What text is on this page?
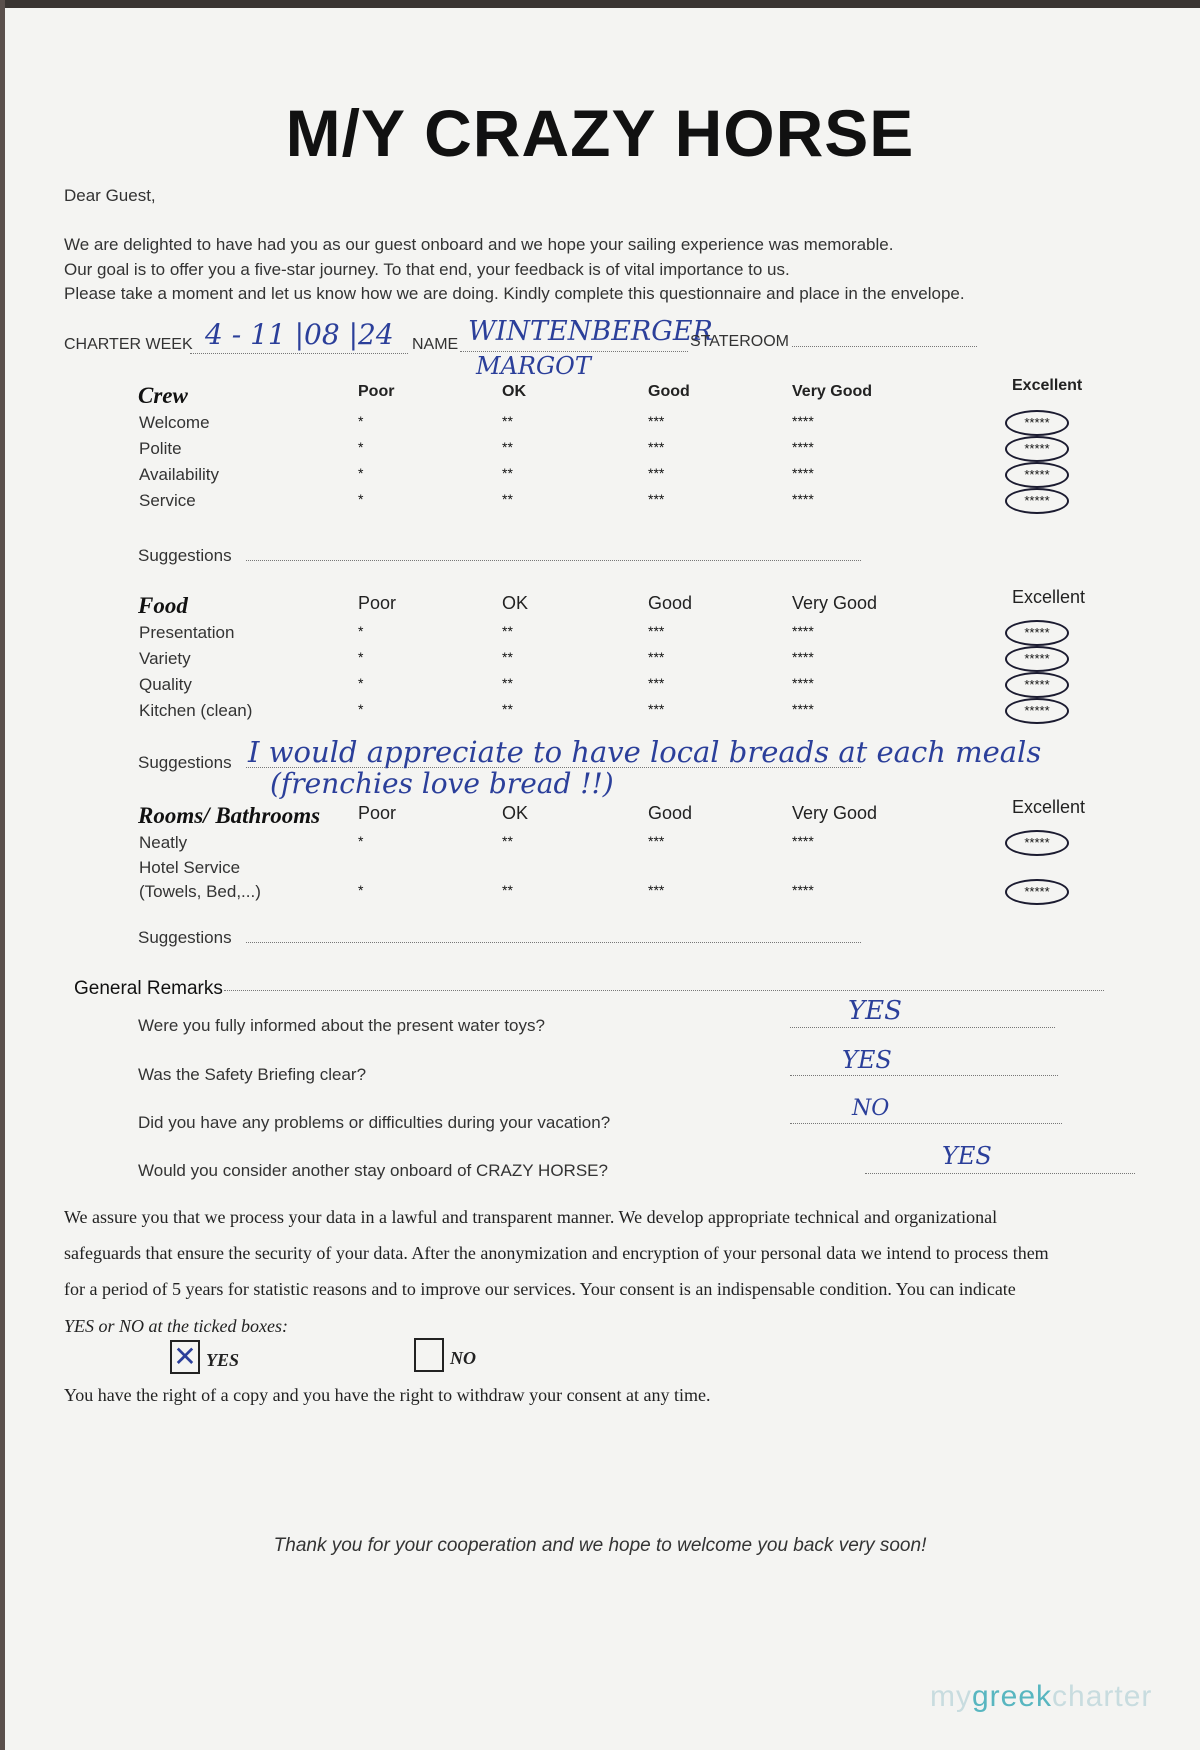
M/Y CRAZY HORSE
Dear Guest,
We are delighted to have had you as our guest onboard and we hope your sailing experience was memorable.
Our goal is to offer you a five-star journey. To that end, your feedback is of vital importance to us.
Please take a moment and let us know how we are doing. Kindly complete this questionnaire and place in the envelope.
CHARTER WEEK 4 - 11 |08 |24 NAME WINTENBERGER
MARGOT
STATEROOM
Crew	Poor	OK	Good	Very Good	Excellent
Welcome	*	**	***	****	*****
Polite	*	**	***	****	*****
Availability	*	**	***	****	*****
Service	*	**	***	****	*****
Suggestions
Food	Poor	OK	Good	Very Good	Excellent
Presentation	*	**	***	****	*****
Variety	*	**	***	****	*****
Quality	*	**	***	****	*****
Kitchen (clean)	*	**	***	****	*****
Suggestions I would appreciate to have local breads at each meals
(frenchies love bread !!)
Rooms/ Bathrooms Poor	OK	Good	Very Good	Excellent
Neatly	*	**	***	****	*****
Hotel Service
(Towels, Bed,...)	*	**	***	****	*****
Suggestions
General Remarks
Were you fully informed about the present water toys?	YES
Was the Safety Briefing clear?
YES
Did you have any problems or difficulties during your vacation?
NO
Would you consider another stay onboard of CRAZY HORSE?
YES
We assure you that we process your data in a lawful and transparent manner. We develop appropriate technical and organizational
safeguards that ensure the security of your data. After the anonymization and encryption of your personal data we intend to process them
for a period of 5 years for statistic reasons and to improve our services. Your consent is an indispensable condition. You can indicate
YES or NO at the ticked boxes:
✕ YES	NO
You have the right of a copy and you have the right to withdraw your consent at any time.
Thank you for your cooperation and we hope to welcome you back very soon!
mygreekcharter
